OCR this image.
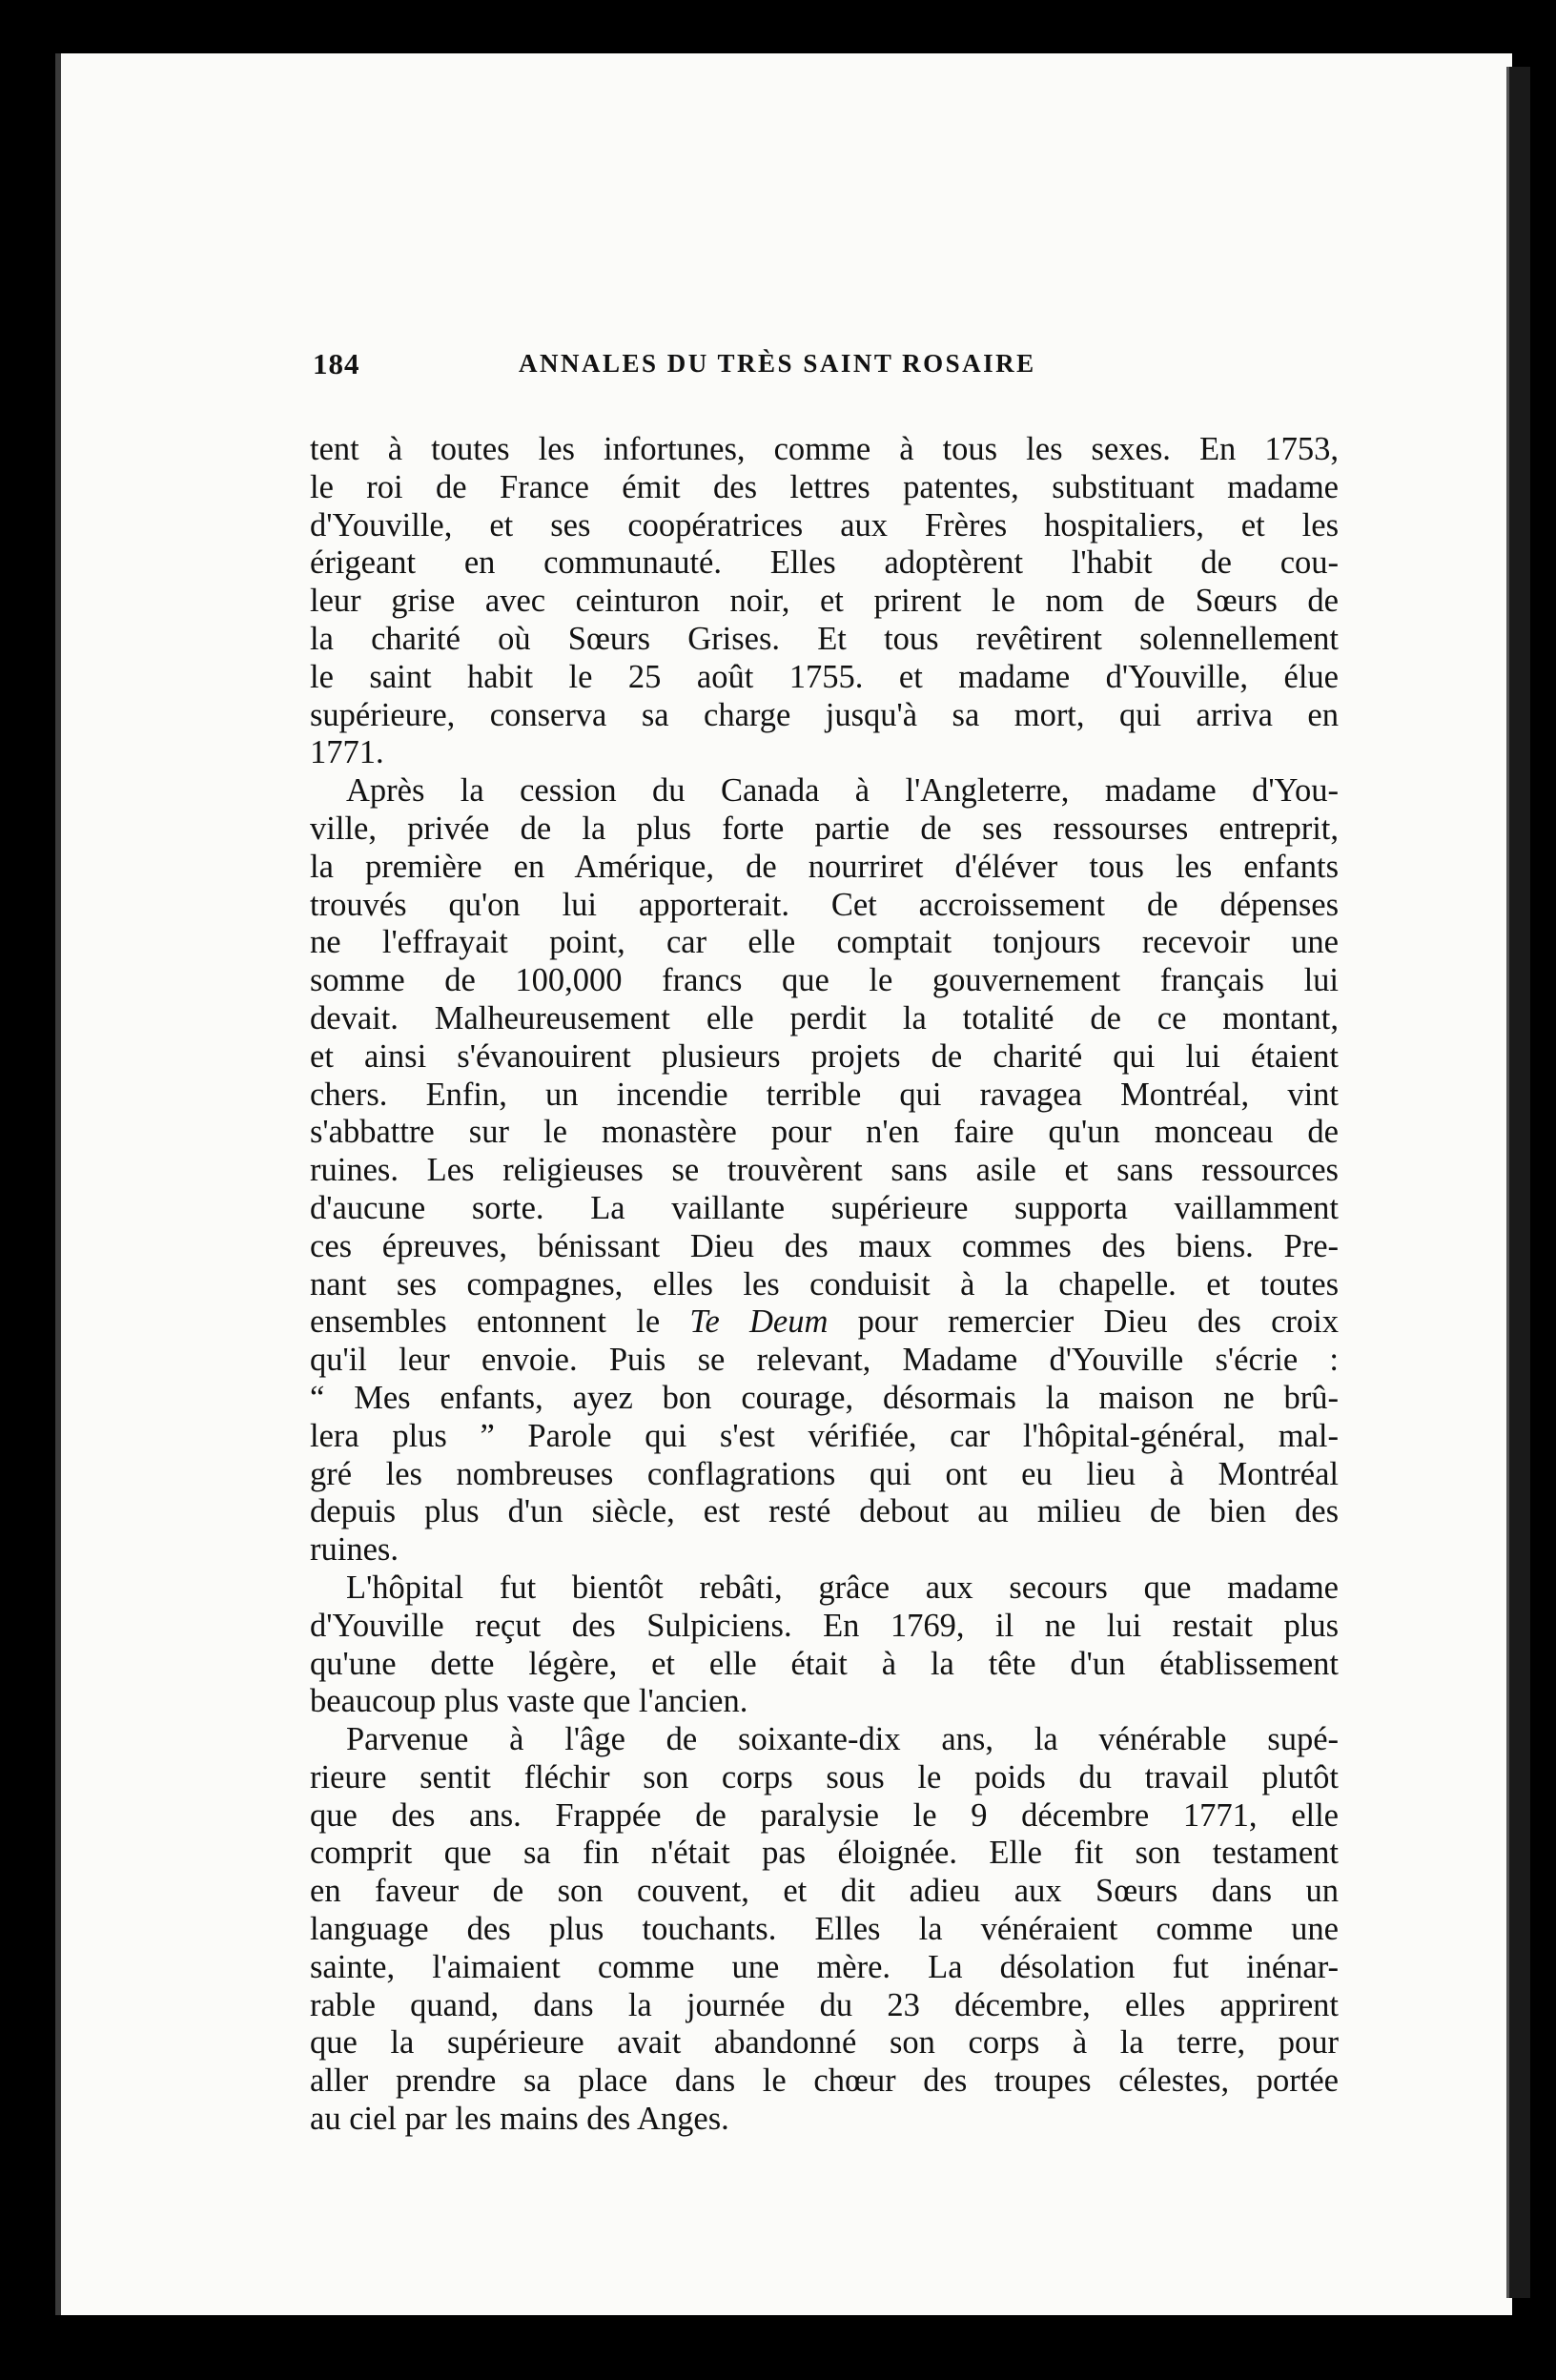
184	ANNALES DU TRÈS SAINT ROSAIRE
tent à toutes les infortunes, comme à tous les sexes. En 1753,
le roi de France émit des lettres patentes, substituant madame
d'Youville, et ses coopératrices aux Frères hospitaliers, et les
érigeant en communauté. Elles adoptèrent l'habit de cou-
leur grise avec ceinturon noir, et prirent le nom de Sœurs de
la charité où Sœurs Grises. Et tous revêtirent solennellement
le saint habit le 25 août 1755. et madame d'Youville, élue
supérieure, conserva sa charge jusqu'à sa mort, qui arriva en
1771.
Après la cession du Canada à l'Angleterre, madame d'You-
ville, privée de la plus forte partie de ses ressourses entreprit,
la première en Amérique, de nourriret d'éléver tous les enfants
trouvés qu'on lui apporterait. Cet accroissement de dépenses
ne l'effrayait point, car elle comptait tonjours recevoir une
somme de 100,000 francs que le gouvernement français lui
devait. Malheureusement elle perdit la totalité de ce montant,
et ainsi s'évanouirent plusieurs projets de charité qui lui étaient
chers. Enfin, un incendie terrible qui ravagea Montréal, vint
s'abbattre sur le monastère pour n'en faire qu'un monceau de
ruines. Les religieuses se trouvèrent sans asile et sans ressources
d'aucune sorte. La vaillante supérieure supporta vaillamment
ces épreuves, bénissant Dieu des maux commes des biens. Pre-
nant ses compagnes, elles les conduisit à la chapelle. et toutes
ensembles entonnent le Te Deum pour remercier Dieu des croix
qu'il leur envoie. Puis se relevant, Madame d'Youville s'écrie :
“ Mes enfants, ayez bon courage, désormais la maison ne brû-
lera plus ” Parole qui s'est vérifiée, car l'hôpital-général, mal-
gré les nombreuses conflagrations qui ont eu lieu à Montréal
depuis plus d'un siècle, est resté debout au milieu de bien des
ruines.
L'hôpital fut bientôt rebâti, grâce aux secours que madame
d'Youville reçut des Sulpiciens. En 1769, il ne lui restait plus
qu'une dette légère, et elle était à la tête d'un établissement
beaucoup plus vaste que l'ancien.
Parvenue à l'âge de soixante-dix ans, la vénérable supé-
rieure sentit fléchir son corps sous le poids du travail plutôt
que des ans. Frappée de paralysie le 9 décembre 1771, elle
comprit que sa fin n'était pas éloignée. Elle fit son testament
en faveur de son couvent, et dit adieu aux Sœurs dans un
language des plus touchants. Elles la vénéraient comme une
sainte, l'aimaient comme une mère. La désolation fut inénar-
rable quand, dans la journée du 23 décembre, elles apprirent
que la supérieure avait abandonné son corps à la terre, pour
aller prendre sa place dans le chœur des troupes célestes, portée
au ciel par les mains des Anges.
